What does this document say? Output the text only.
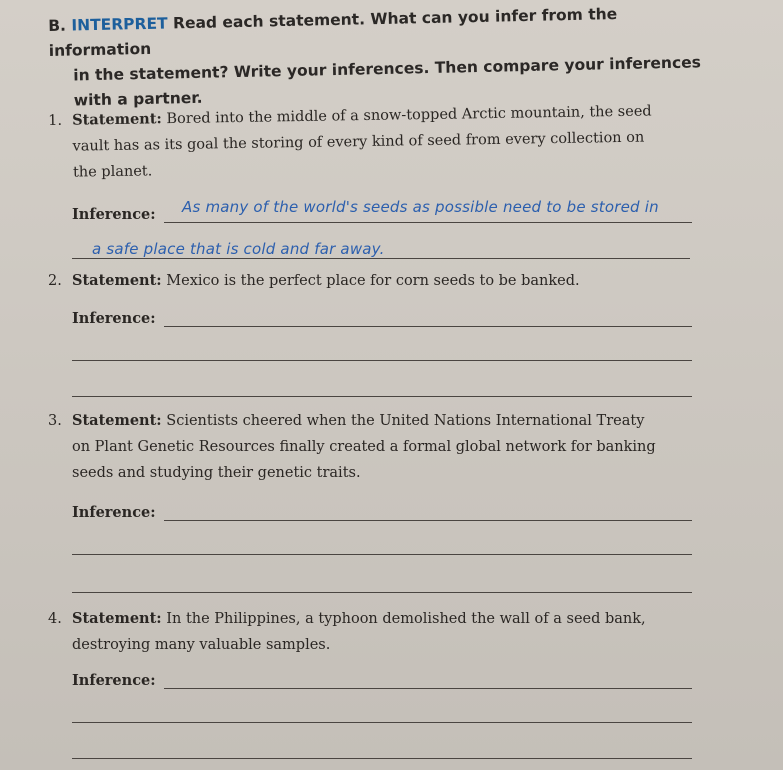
B. INTERPRET Read each statement. What can you infer from the information
in the statement? Write your inferences. Then compare your inferences
with a partner.
1. Statement: Bored into the middle of a snow-topped Arctic mountain, the seed
vault has as its goal the storing of every kind of seed from every collection on
the planet.
Inference: As many of the world's seeds as possible need to be stored in
a safe place that is cold and far away.
2. Statement: Mexico is the perfect place for corn seeds to be banked.
Inference:
3. Statement: Scientists cheered when the United Nations International Treaty
on Plant Genetic Resources finally created a formal global network for banking
seeds and studying their genetic traits.
Inference:
4. Statement: In the Philippines, a typhoon demolished the wall of a seed bank,
destroying many valuable samples.
Inference:
